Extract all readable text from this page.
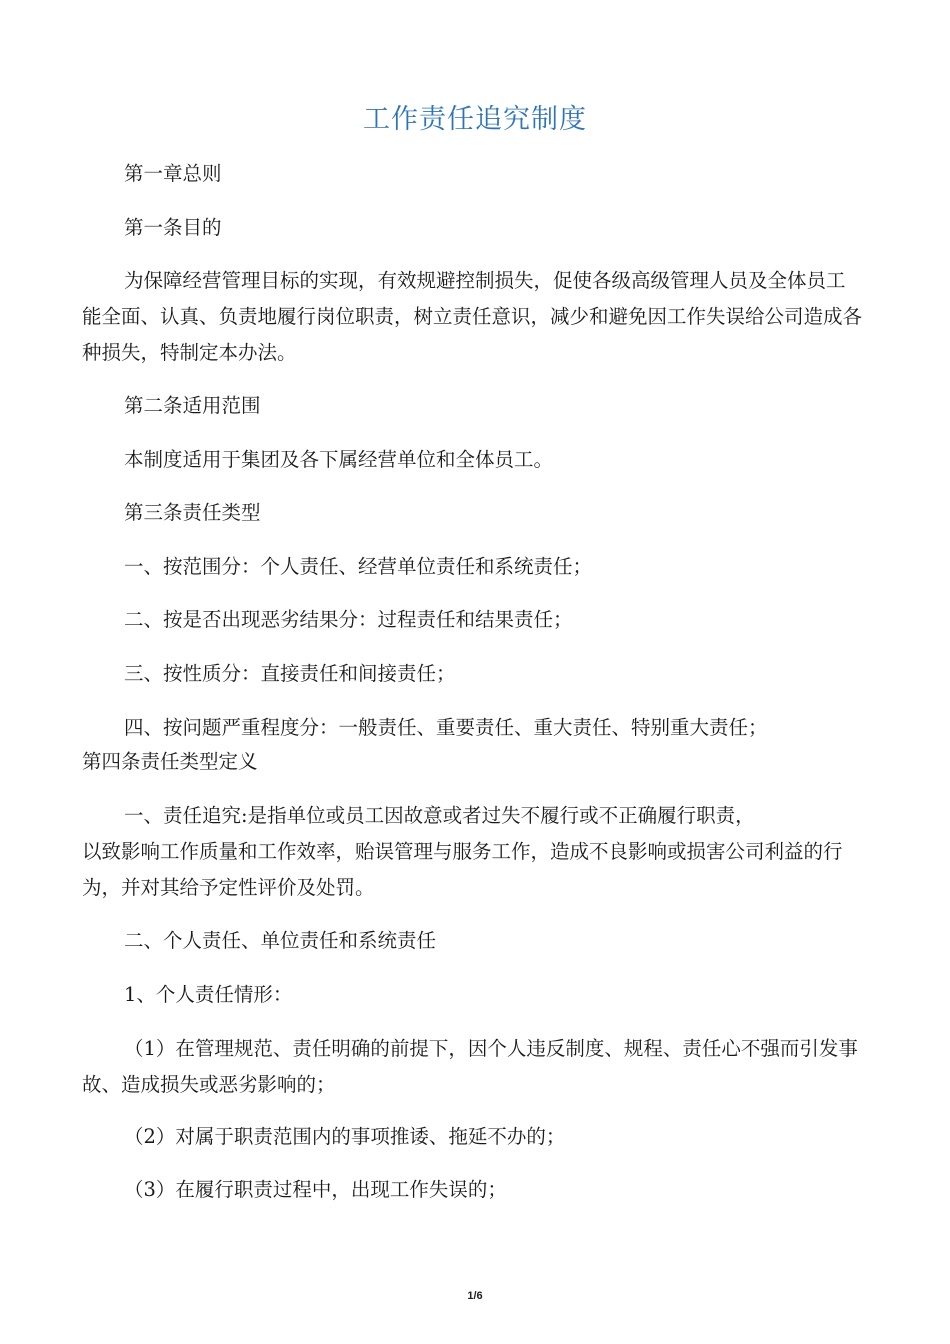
工作责任追究制度

第一章总则

第一条目的

为保障经营管理目标的实现，有效规避控制损失，促使各级高级管理人员及全体员工能全面、认真、负责地履行岗位职责，树立责任意识，减少和避免因工作失误给公司造成各种损失，特制定本办法。

第二条适用范围

本制度适用于集团及各下属经营单位和全体员工。

第三条责任类型

一、按范围分：个人责任、经营单位责任和系统责任；

二、按是否出现恶劣结果分：过程责任和结果责任；

三、按性质分：直接责任和间接责任；

四、按问题严重程度分：一般责任、重要责任、重大责任、特别重大责任；

第四条责任类型定义

一、责任追究:是指单位或员工因故意或者过失不履行或不正确履行职责，

以致影响工作质量和工作效率，贻误管理与服务工作，造成不良影响或损害公司利益的行为，并对其给予定性评价及处罚。

二、个人责任、单位责任和系统责任

1、个人责任情形：

（1）在管理规范、责任明确的前提下，因个人违反制度、规程、责任心不强而引发事故、造成损失或恶劣影响的；

（2）对属于职责范围内的事项推诿、拖延不办的；

（3）在履行职责过程中，出现工作失误的；

1/6
